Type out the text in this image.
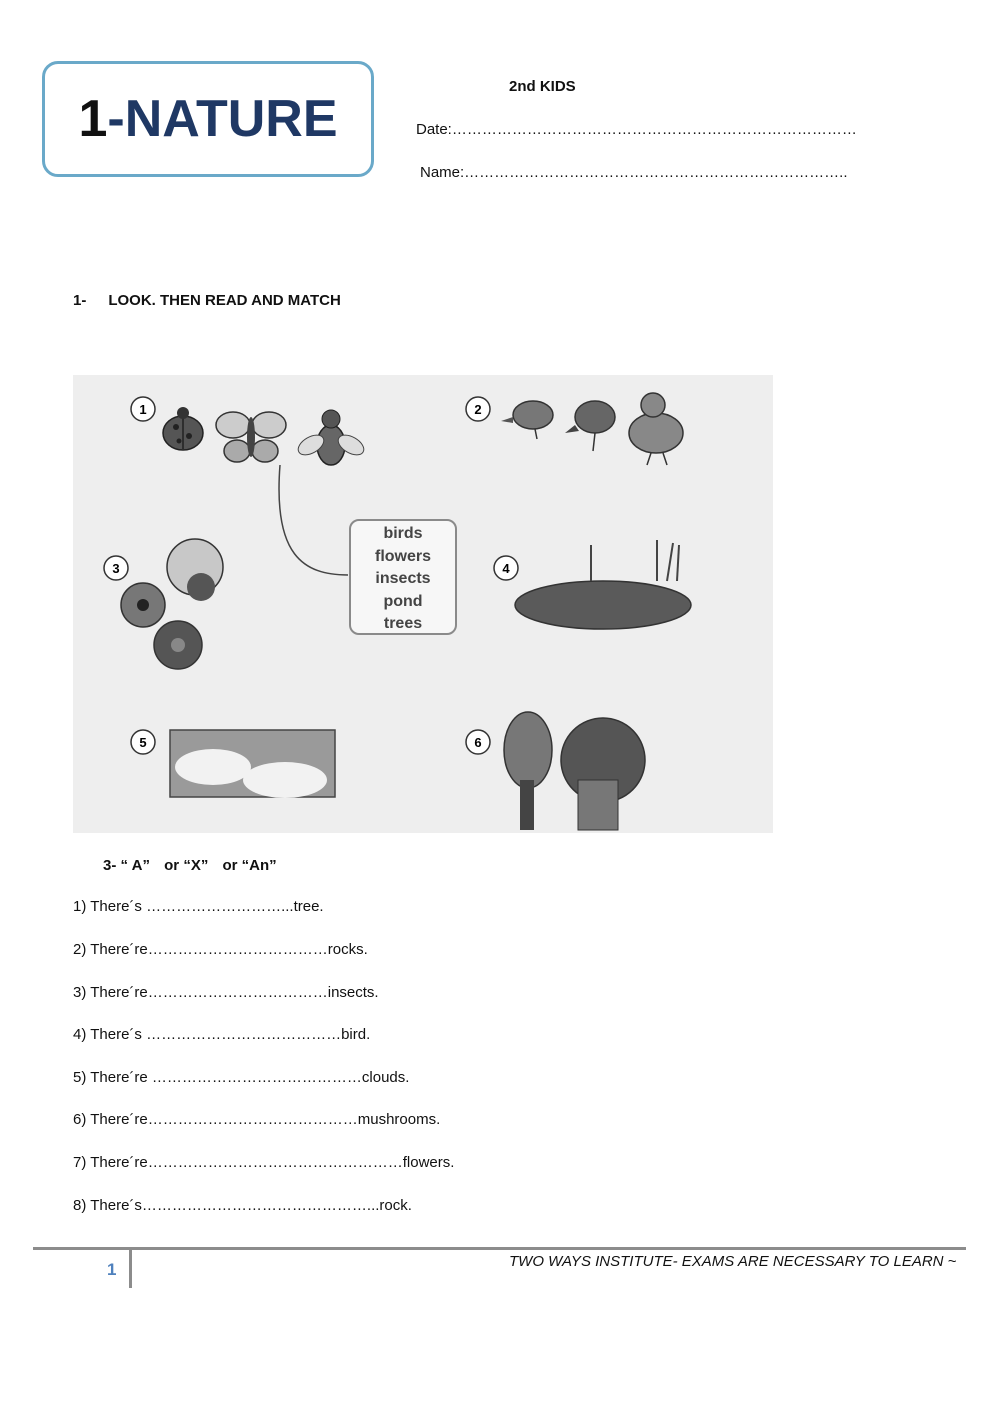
1 -NATURE
2nd KIDS
Date:………………………………………………………………………
Name:…………………………………………………………………..
1- LOOK. THEN READ AND MATCH
1	2
3	4
5	6
birds
flowers
insects
pond
trees
3- “ A” or “X” or “An”
1) There´s ………………………...tree.
2) There´re………………………………rocks.
3) There´re………………………………insects.
4) There´s …………………………………bird.
5) There´re ……………………………………clouds.
6) There´re……………………………………mushrooms.
7) There´re……………………………………………flowers.
8) There´s………………………………………...rock.
1	TWO WAYS INSTITUTE- EXAMS ARE NECESSARY TO LEARN ~
